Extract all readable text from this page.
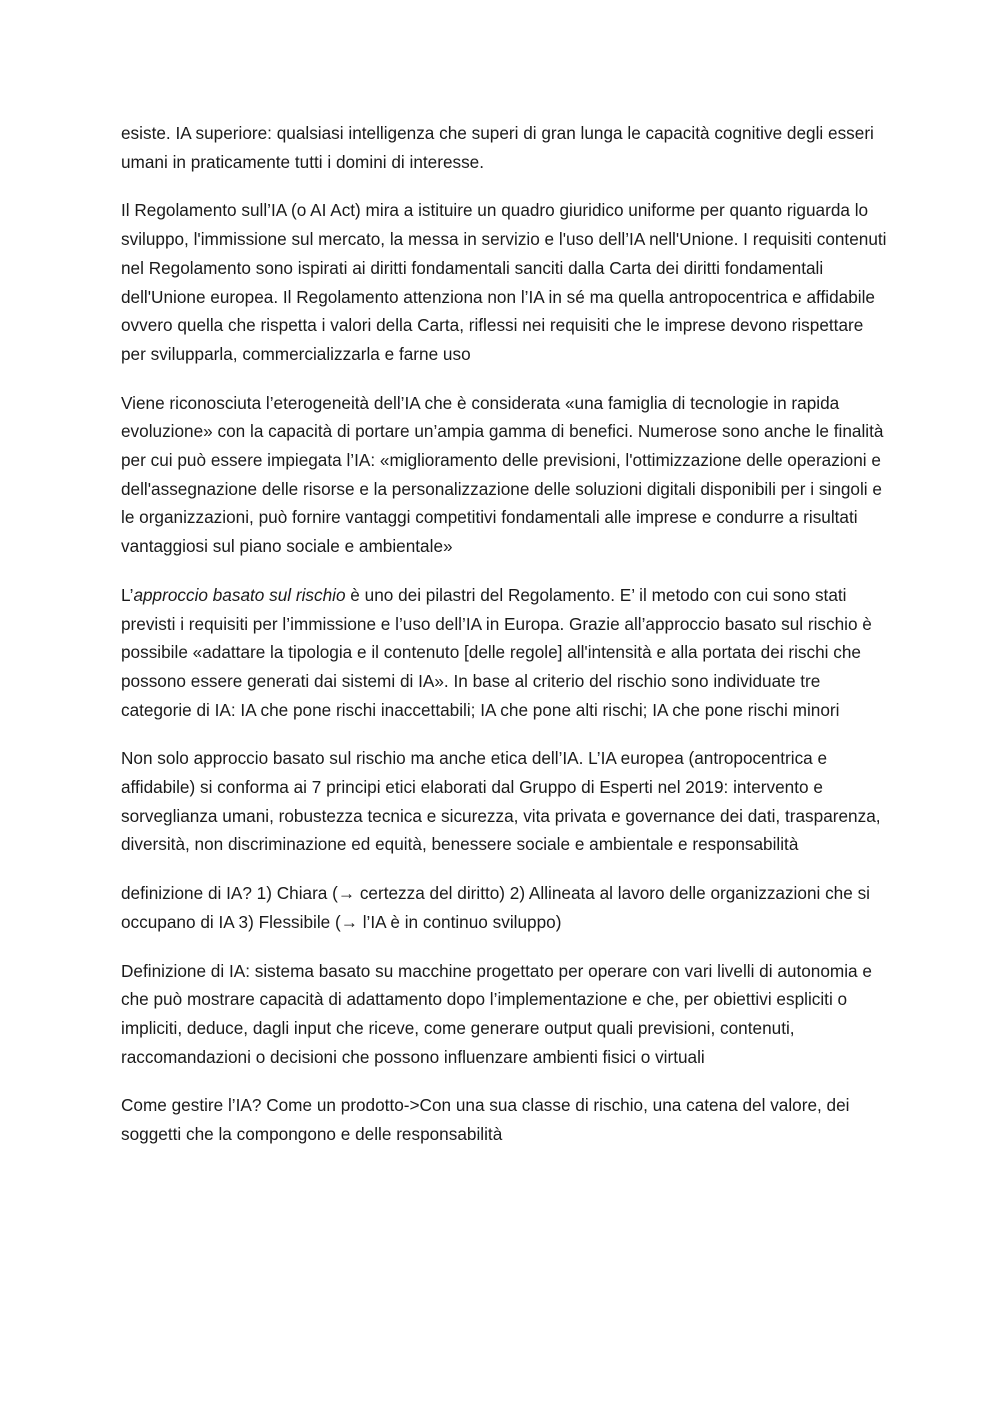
esiste. IA superiore: qualsiasi intelligenza che superi di gran lunga le capacità cognitive degli esseri umani in praticamente tutti i domini di interesse.

Il Regolamento sull’IA (o AI Act) mira a istituire un quadro giuridico uniforme per quanto riguarda lo sviluppo, l'immissione sul mercato, la messa in servizio e l'uso dell’IA nell'Unione. I requisiti contenuti nel Regolamento sono ispirati ai diritti fondamentali sanciti dalla Carta dei diritti fondamentali dell'Unione europea. Il Regolamento attenziona non l’IA in sé ma quella antropocentrica e affidabile ovvero quella che rispetta i valori della Carta, riflessi nei requisiti che le imprese devono rispettare per svilupparla, commercializzarla e farne uso

Viene riconosciuta l’eterogeneità dell’IA che è considerata «una famiglia di tecnologie in rapida evoluzione» con la capacità di portare un’ampia gamma di benefici. Numerose sono anche le finalità per cui può essere impiegata l’IA: «miglioramento delle previsioni, l'ottimizzazione delle operazioni e dell'assegnazione delle risorse e la personalizzazione delle soluzioni digitali disponibili per i singoli e le organizzazioni, può fornire vantaggi competitivi fondamentali alle imprese e condurre a risultati vantaggiosi sul piano sociale e ambientale»

L’approccio basato sul rischio è uno dei pilastri del Regolamento. E’ il metodo con cui sono stati previsti i requisiti per l’immissione e l’uso dell’IA in Europa. Grazie all’approccio basato sul rischio è possibile «adattare la tipologia e il contenuto [delle regole] all'intensità e alla portata dei rischi che possono essere generati dai sistemi di IA». In base al criterio del rischio sono individuate tre categorie di IA: IA che pone rischi inaccettabili; IA che pone alti rischi; IA che pone rischi minori

Non solo approccio basato sul rischio ma anche etica dell’IA. L’IA europea (antropocentrica e affidabile) si conforma ai 7 principi etici elaborati dal Gruppo di Esperti nel 2019: intervento e sorveglianza umani, robustezza tecnica e sicurezza, vita privata e governance dei dati, trasparenza, diversità, non discriminazione ed equità, benessere sociale e ambientale e responsabilità

definizione di IA? 1) Chiara (→ certezza del diritto) 2) Allineata al lavoro delle organizzazioni che si occupano di IA 3) Flessibile (→ l’IA è in continuo sviluppo)

Definizione di IA: sistema basato su macchine progettato per operare con vari livelli di autonomia e che può mostrare capacità di adattamento dopo l’implementazione e che, per obiettivi espliciti o impliciti, deduce, dagli input che riceve, come generare output quali previsioni, contenuti, raccomandazioni o decisioni che possono influenzare ambienti fisici o virtuali

Come gestire l’IA? Come un prodotto->Con una sua classe di rischio, una catena del valore, dei soggetti che la compongono e delle responsabilità
